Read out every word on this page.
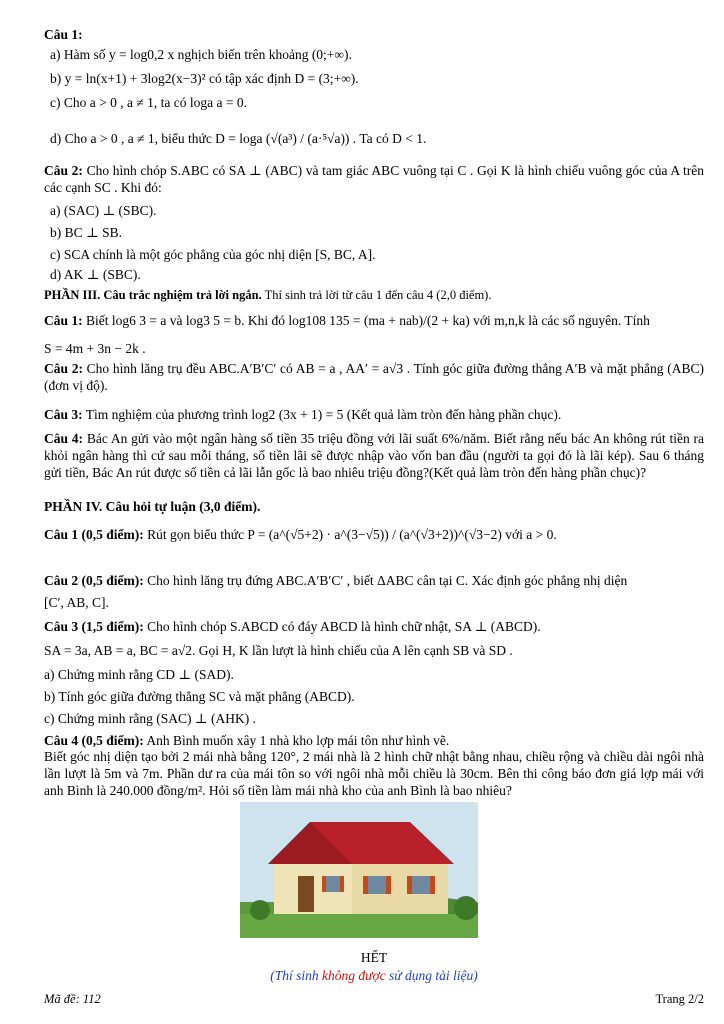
Câu 1:
a) Hàm số y = log0,2 x nghịch biến trên khoảng (0;+∞).
b) y = ln(x+1) + 3log2(x−3)² có tập xác định D = (3;+∞).
c) Cho a > 0 , a ≠ 1, ta có loga a = 0.
d) Cho a > 0 , a ≠ 1, biểu thức D = loga (√(a³) / (a·⁵√a)) . Ta có D < 1.
Câu 2: Cho hình chóp S.ABC có SA ⊥ (ABC) và tam giác ABC vuông tại C . Gọi K là hình chiếu vuông góc của A trên các cạnh SC . Khi đó:
a) (SAC) ⊥ (SBC).
b) BC ⊥ SB.
c) SCA chính là một góc phẳng của góc nhị diện [S, BC, A].
d) AK ⊥ (SBC).
PHẦN III. Câu trắc nghiệm trả lời ngắn. Thí sinh trả lời từ câu 1 đến câu 4 (2,0 điểm).
Câu 1: Biết log6 3 = a và log3 5 = b. Khi đó log108 135 = (ma + nab)/(2 + ka) với m,n,k là các số nguyên. Tính
S = 4m + 3n − 2k .
Câu 2: Cho hình lăng trụ đều ABC.A′B′C′ có AB = a , AA′ = a√3 . Tính góc giữa đường thẳng A′B và mặt phẳng (ABC) (đơn vị độ).
Câu 3: Tìm nghiệm của phương trình log2 (3x + 1) = 5 (Kết quả làm tròn đến hàng phần chục).
Câu 4: Bác An gửi vào một ngân hàng số tiền 35 triệu đồng với lãi suất 6%/năm. Biết rằng nếu bác An không rút tiền ra khỏi ngân hàng thì cứ sau mỗi tháng, số tiền lãi sẽ được nhập vào vốn ban đầu (người ta gọi đó là lãi kép). Sau 6 tháng gửi tiền, Bác An rút được số tiền cả lãi lẫn gốc là bao nhiêu triệu đồng?(Kết quả làm tròn đến hàng phần chục)?
PHẦN IV. Câu hỏi tự luận (3,0 điểm).
Câu 1 (0,5 điểm): Rút gọn biểu thức P = (a^(√5+2) · a^(3−√5)) / (a^(√3+2))^(√3−2) với a > 0.
Câu 2 (0,5 điểm): Cho hình lăng trụ đứng ABC.A′B′C′ , biết ΔABC cân tại C. Xác định góc phẳng nhị diện
[C′, AB, C].
Câu 3 (1,5 điểm): Cho hình chóp S.ABCD có đáy ABCD là hình chữ nhật, SA ⊥ (ABCD).
SA = 3a, AB = a, BC = a√2. Gọi H, K lần lượt là hình chiếu của A lên cạnh SB và SD .
a) Chứng minh rằng CD ⊥ (SAD).
b) Tính góc giữa đường thẳng SC và mặt phẳng (ABCD).
c) Chứng minh rằng (SAC) ⊥ (AHK) .
Câu 4 (0,5 điểm): Anh Bình muốn xây 1 nhà kho lợp mái tôn như hình vẽ.
Biết góc nhị diện tạo bởi 2 mái nhà bằng 120°, 2 mái nhà là 2 hình chữ nhật bằng nhau, chiều rộng và chiều dài ngôi nhà lần lượt là 5m và 7m. Phần dư ra của mái tôn so với ngôi nhà mỗi chiều là 30cm. Bên thi công báo đơn giá lợp mái với anh Bình là 240.000 đồng/m². Hỏi số tiền làm mái nhà kho của anh Bình là bao nhiêu?
HẾT
(Thí sinh không được sử dụng tài liệu)
Mã đề: 112	Trang 2/2
